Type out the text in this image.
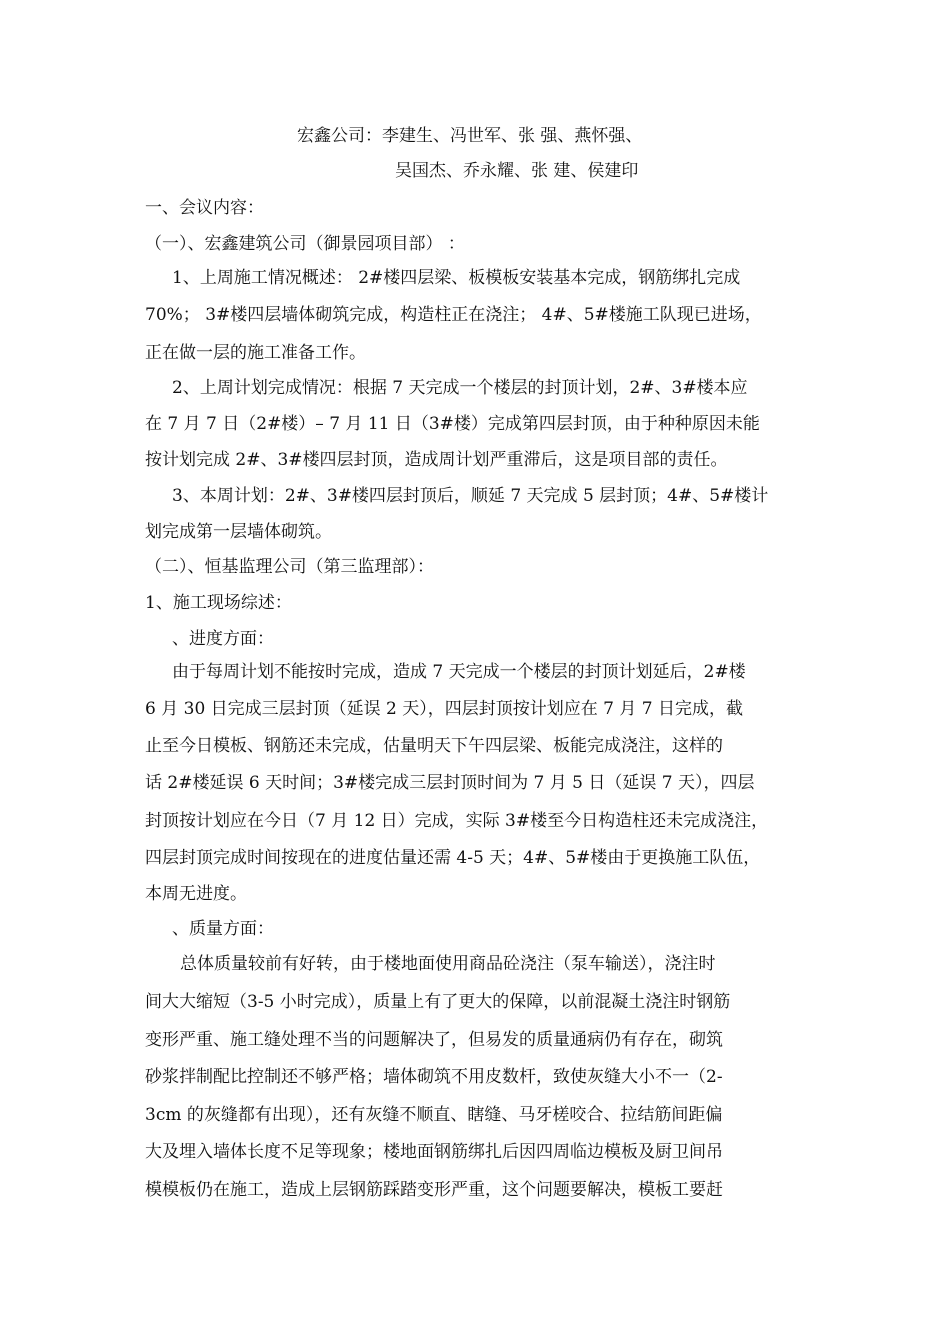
宏鑫公司：李建生、冯世军、张 强、燕怀强、
吴国杰、乔永耀、张 建、侯建印
一、会议内容：
（一）、宏鑫建筑公司（御景园项目部） ：
1、上周施工情况概述： 2#楼四层梁、板模板安装基本完成，钢筋绑扎完成
70%； 3#楼四层墙体砌筑完成，构造柱正在浇注； 4#、5#楼施工队现已进场，
正在做一层的施工准备工作。
2、上周计划完成情况：根据 7 天完成一个楼层的封顶计划，2#、3#楼本应
在 7 月 7 日（2#楼）– 7 月 11 日（3#楼）完成第四层封顶，由于种种原因未能
按计划完成 2#、3#楼四层封顶，造成周计划严重滞后，这是项目部的责任。
3、本周计划：2#、3#楼四层封顶后，顺延 7 天完成 5 层封顶；4#、5#楼计
划完成第一层墙体砌筑。
（二）、恒基监理公司（第三监理部）：
1、施工现场综述：
、进度方面：
由于每周计划不能按时完成，造成 7 天完成一个楼层的封顶计划延后，2#楼
6 月 30 日完成三层封顶（延误 2 天），四层封顶按计划应在 7 月 7 日完成，截
止至今日模板、钢筋还未完成，估量明天下午四层梁、板能完成浇注，这样的
话 2#楼延误 6 天时间；3#楼完成三层封顶时间为 7 月 5 日（延误 7 天），四层
封顶按计划应在今日（7 月 12 日）完成，实际 3#楼至今日构造柱还未完成浇注，
四层封顶完成时间按现在的进度估量还需 4-5 天；4#、5#楼由于更换施工队伍，
本周无进度。
、质量方面：
总体质量较前有好转，由于楼地面使用商品砼浇注（泵车输送），浇注时
间大大缩短（3-5 小时完成），质量上有了更大的保障，以前混凝土浇注时钢筋
变形严重、施工缝处理不当的问题解决了，但易发的质量通病仍有存在，砌筑
砂浆拌制配比控制还不够严格；墙体砌筑不用皮数杆，致使灰缝大小不一（2-
3cm 的灰缝都有出现），还有灰缝不顺直、瞎缝、马牙槎咬合、拉结筋间距偏
大及埋入墙体长度不足等现象；楼地面钢筋绑扎后因四周临边模板及厨卫间吊
模模板仍在施工，造成上层钢筋踩踏变形严重，这个问题要解决，模板工要赶
